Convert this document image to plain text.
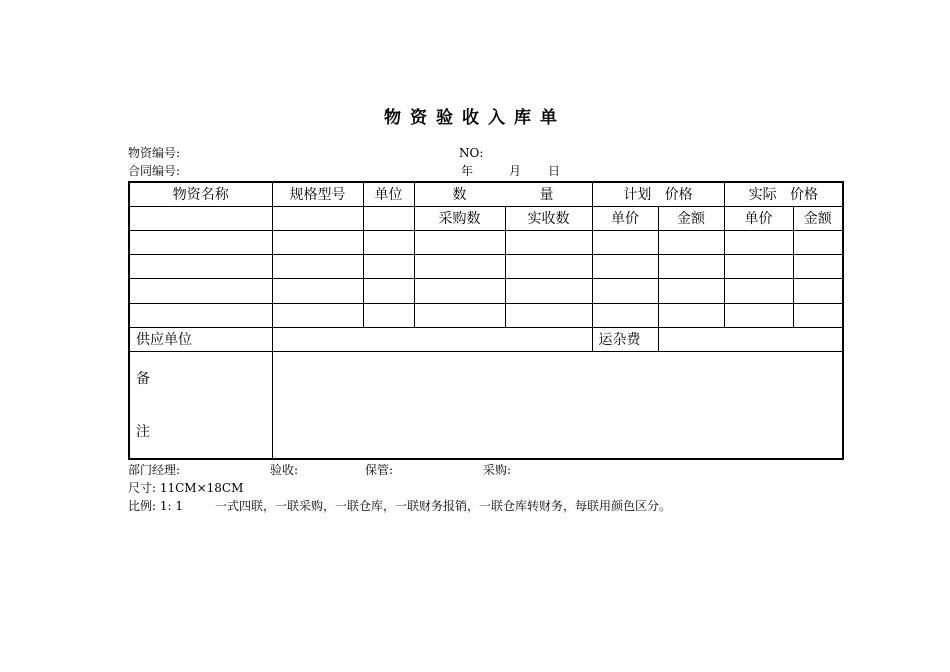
物资验收入库单
物资编号:	NO:
合同编号:	年	月 日
物资名称	规格型号	单位	数 量		计划 价格		实际 价格	
			采购数	实收数	单价	金额	单价	金额

供应单位					运杂费			

备
注								

部门经理:	验收:	保管:	采购:
尺寸: 11CM×18CM
比例: 1: 1	一式四联，一联采购，一联仓库，一联财务报销，一联仓库转财务，每联用颜色区分。
